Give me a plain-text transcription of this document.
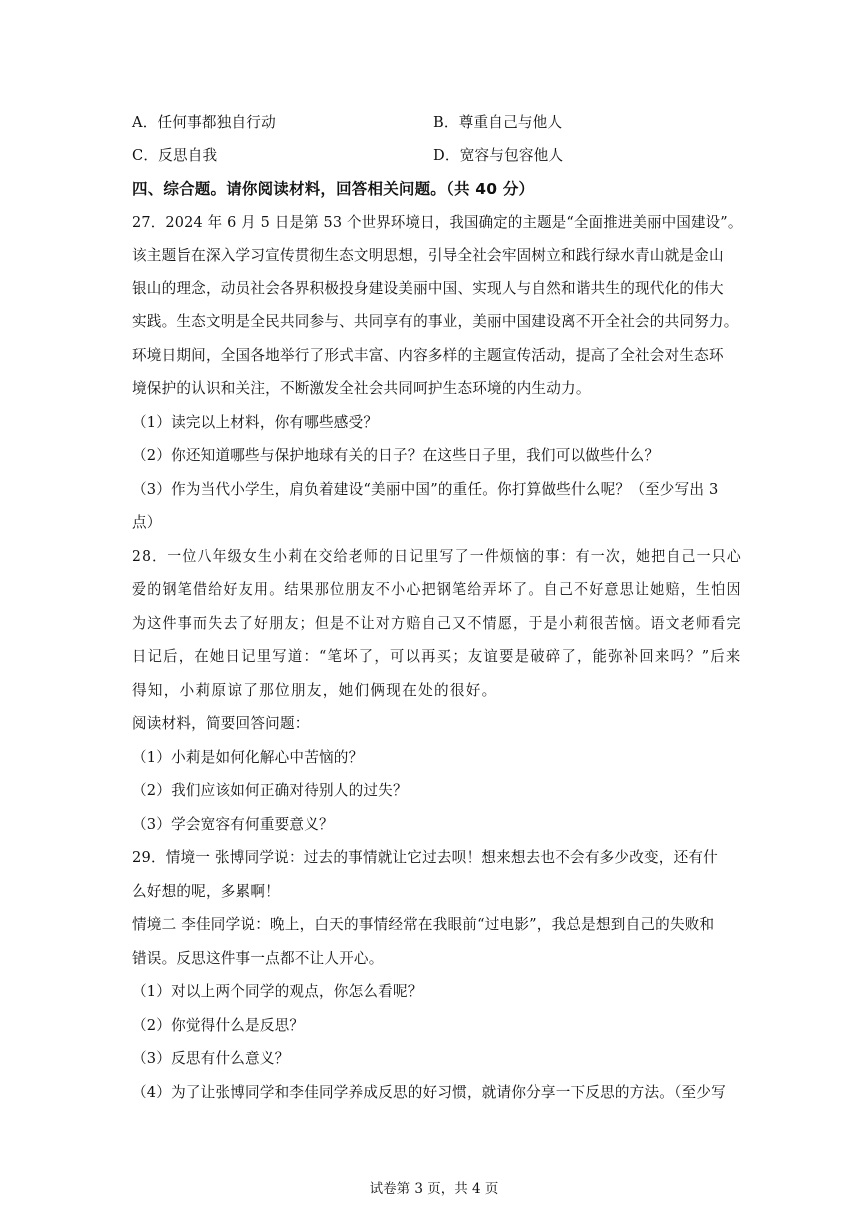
A．任何事都独自行动	B．尊重自己与他人
C．反思自我	D．宽容与包容他人
四、综合题。请你阅读材料，回答相关问题。（共 40 分）
27．2024 年 6 月 5 日是第 53 个世界环境日，我国确定的主题是“全面推进美丽中国建设”。
该主题旨在深入学习宣传贯彻生态文明思想，引导全社会牢固树立和践行绿水青山就是金山
银山的理念，动员社会各界积极投身建设美丽中国、实现人与自然和谐共生的现代化的伟大
实践。生态文明是全民共同参与、共同享有的事业，美丽中国建设离不开全社会的共同努力。
环境日期间，全国各地举行了形式丰富、内容多样的主题宣传活动，提高了全社会对生态环
境保护的认识和关注，不断激发全社会共同呵护生态环境的内生动力。
（1）读完以上材料，你有哪些感受？
（2）你还知道哪些与保护地球有关的日子？在这些日子里，我们可以做些什么？
（3）作为当代小学生，肩负着建设“美丽中国”的重任。你打算做些什么呢？（至少写出 3
点）
28．一位八年级女生小莉在交给老师的日记里写了一件烦恼的事：有一次，她把自己一只心
爱的钢笔借给好友用。结果那位朋友不小心把钢笔给弄坏了。自己不好意思让她赔，生怕因
为这件事而失去了好朋友；但是不让对方赔自己又不情愿，于是小莉很苦恼。语文老师看完
日记后，在她日记里写道：“笔坏了，可以再买；友谊要是破碎了，能弥补回来吗？”后来
得知，小莉原谅了那位朋友，她们俩现在处的很好。
阅读材料，简要回答问题：
（1）小莉是如何化解心中苦恼的？
（2）我们应该如何正确对待别人的过失？
（3）学会宽容有何重要意义？
29．情境一 张博同学说：过去的事情就让它过去呗！想来想去也不会有多少改变，还有什
么好想的呢，多累啊！
情境二 李佳同学说：晚上，白天的事情经常在我眼前“过电影”，我总是想到自己的失败和
错误。反思这件事一点都不让人开心。
（1）对以上两个同学的观点，你怎么看呢？
（2）你觉得什么是反思？
（3）反思有什么意义？
（4）为了让张博同学和李佳同学养成反思的好习惯，就请你分享一下反思的方法。（至少写
试卷第 3 页，共 4 页
